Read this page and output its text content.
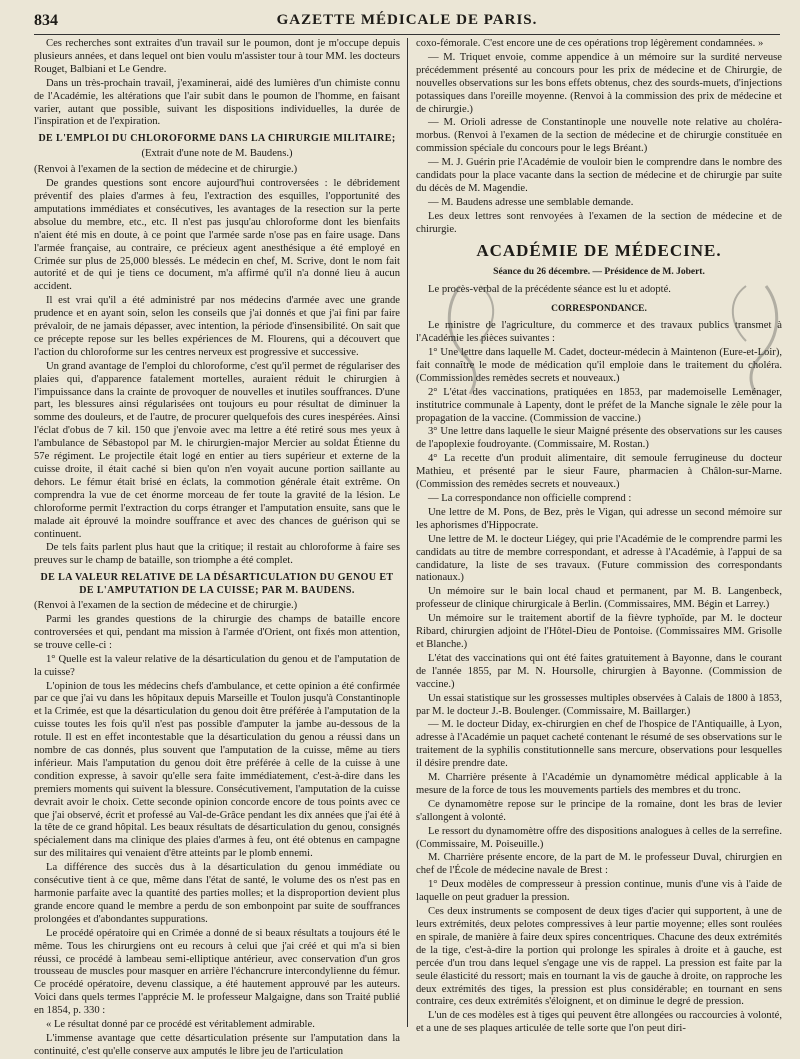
834	GAZETTE MÉDICALE DE PARIS.

Ces recherches sont extraites d'un travail sur le poumon, dont je m'occupe depuis plusieurs années, et dans lequel ont bien voulu m'assister tour à tour MM. les docteurs Rouget, Balbiani et Le Gendre.

Dans un très-prochain travail, j'examinerai, aidé des lumières d'un chimiste connu de l'Académie, les altérations que l'air subit dans le poumon de l'homme, en faisant varier, autant que possible, suivant les dispositions individuelles, la durée de l'inspiration et de l'expiration.

DE L'EMPLOI DU CHLOROFORME DANS LA CHIRURGIE MILITAIRE;
(Extrait d'une note de M. Baudens.)

(Renvoi à l'examen de la section de médecine et de chirurgie.)

De grandes questions sont encore aujourd'hui controversées : le débridement préventif des plaies d'armes à feu, l'extraction des esquilles, l'opportunité des amputations immédiates et consécutives, les avantages de la resection sur la perte absolue du membre, etc., etc. Il n'est pas jusqu'au chloroforme dont les bienfaits n'aient été mis en doute, à ce point que l'armée sarde n'ose pas en faire usage. Dans l'armée française, au contraire, ce précieux agent anesthésique a été employé en Crimée sur plus de 25,000 blessés. Le médecin en chef, M. Scrive, dont le nom fait autorité et de qui je tiens ce document, m'a affirmé qu'il n'a donné lieu à aucun accident.

Il est vrai qu'il a été administré par nos médecins d'armée avec une grande prudence et en ayant soin, selon les conseils que j'ai donnés et que j'ai fini par faire prévaloir, de ne jamais dépasser, avec intention, la période d'insensibilité. On sait que ce précepte repose sur les belles expériences de M. Flourens, qui a découvert que l'action du chloroforme sur les centres nerveux est progressive et successive.

Un grand avantage de l'emploi du chloroforme, c'est qu'il permet de régulariser des plaies qui, d'apparence fatalement mortelles, auraient réduit le chirurgien à l'impuissance dans la crainte de provoquer de nouvelles et inutiles souffrances. D'une part, les blessures ainsi régularisées ont toujours eu pour résultat de diminuer la somme des douleurs, et de l'autre, de procurer quelquefois des cures inespérées. Ainsi l'éclat d'obus de 7 kil. 150 que j'envoie avec ma lettre a été retiré sous mes yeux à l'ambulance de Sébastopol par M. le chirurgien-major Mercier au soldat Étienne du 57e régiment. Le projectile était logé en entier au tiers supérieur et externe de la cuisse droite, il était caché si bien qu'on n'en voyait aucune portion saillante au dehors. Le fémur était brisé en éclats, la commotion générale était extrême. On comprendra la vue de cet énorme morceau de fer toute la gravité de la lésion. Le chloroforme permit l'extraction du corps étranger et l'amputation ensuite, sans que le malade ait éprouvé la moindre souffrance et avec des chances de guérison qui se continuent.

De tels faits parlent plus haut que la critique; il restait au chloroforme à faire ses preuves sur le champ de bataille, son triomphe a été complet.

DE LA VALEUR RELATIVE DE LA DÉSARTICULATION DU GENOU ET DE L'AMPUTATION DE LA CUISSE; PAR M. BAUDENS.

(Renvoi à l'examen de la section de médecine et de chirurgie.)

Parmi les grandes questions de la chirurgie des champs de bataille encore controversées et qui, pendant ma mission à l'armée d'Orient, ont fixés mon attention, se trouve celle-ci :

1° Quelle est la valeur relative de la désarticulation du genou et de l'amputation de la cuisse?

L'opinion de tous les médecins chefs d'ambulance, et cette opinion a été confirmée par ce que j'ai vu dans les hôpitaux depuis Marseille et Toulon jusqu'à Constantinople et la Crimée, est que la désarticulation du genou doit être préférée à l'amputation de la cuisse toutes les fois qu'il n'est pas possible d'amputer la jambe au-dessous de la rotule. Il est en effet incontestable que la désarticulation du genou a réussi dans un nombre de cas donnés, plus souvent que l'amputation de la cuisse, même au tiers inférieur. Mais l'amputation du genou doit être préférée à celle de la cuisse à une condition expresse, à savoir qu'elle sera faite immédiatement, c'est-à-dire dans les premiers moments qui suivent la blessure. Consécutivement, l'amputation de la cuisse devrait avoir le choix. Cette seconde opinion concorde encore de tous points avec ce que j'ai observé, écrit et professé au Val-de-Grâce pendant les dix années que j'ai été à la tête de ce grand hôpital. Les beaux résultats de désarticulation du genou, consignés spécialement dans ma clinique des plaies d'armes à feu, ont été obtenus en campagne sur des militaires qui venaient d'être atteints par le plomb ennemi.

La différence des succès dus à la désarticulation du genou immédiate ou consécutive tient à ce que, même dans l'état de santé, le volume des os n'est pas en harmonie parfaite avec la quantité des parties molles; et la disproportion devient plus grande encore quand le membre a perdu de son embonpoint par suite de souffrances prolongées et d'abondantes suppurations.

Le procédé opératoire qui en Crimée a donné de si beaux résultats a toujours été le même. Tous les chirurgiens ont eu recours à celui que j'ai créé et qui m'a si bien réussi, ce procédé à lambeau semi-elliptique antérieur, avec conservation d'un gros trousseau de muscles pour masquer en arrière l'échancrure intercondylienne du fémur. Ce procédé opératoire, devenu classique, a été hautement approuvé par les auteurs. Voici dans quels termes l'apprécie M. le professeur Malgaigne, dans son Traité publié en 1854, p. 330 :

« Le résultat donné par ce procédé est véritablement admirable.

L'immense avantage que cette désarticulation présente sur l'amputation dans la continuité, c'est qu'elle conserve aux amputés le libre jeu de l'articulation

coxo-fémorale. C'est encore une de ces opérations trop légèrement condamnées. »

— M. Triquet envoie, comme appendice à un mémoire sur la surdité nerveuse précédemment présenté au concours pour les prix de médecine et de Chirurgie, de nouvelles observations sur les bons effets obtenus, chez des sourds-muets, d'injections potassiques dans l'oreille moyenne. (Renvoi à la commission des prix de médecine et de chirurgie.)

— M. Orioli adresse de Constantinople une nouvelle note relative au choléra-morbus. (Renvoi à l'examen de la section de médecine et de chirurgie constituée en commission spéciale du concours pour le legs Bréant.)

— M. J. Guérin prie l'Académie de vouloir bien le comprendre dans le nombre des candidats pour la place vacante dans la section de médecine et de chirurgie par suite du décès de M. Magendie.

— M. Baudens adresse une semblable demande.

Les deux lettres sont renvoyées à l'examen de la section de médecine et de chirurgie.

ACADÉMIE DE MÉDECINE.
Séance du 26 décembre. — Présidence de M. Jobert.

Le procès-verbal de la précédente séance est lu et adopté.

CORRESPONDANCE.

Le ministre de l'agriculture, du commerce et des travaux publics transmet à l'Académie les pièces suivantes :

1° Une lettre dans laquelle M. Cadet, docteur-médecin à Maintenon (Eure-et-Loir), fait connaître le mode de médication qu'il emploie dans le traitement du choléra. (Commission des remèdes secrets et nouveaux.)

2° L'état des vaccinations, pratiquées en 1853, par mademoiselle Leménager, institutrice communale à Lapenty, dont le préfet de la Manche signale le zèle pour la propagation de la vaccine. (Commission de vaccine.)

3° Une lettre dans laquelle le sieur Maigné présente des observations sur les causes de l'apoplexie foudroyante. (Commissaire, M. Rostan.)

4° La recette d'un produit alimentaire, dit semoule ferrugineuse du docteur Mathieu, et présenté par le sieur Faure, pharmacien à Châlon-sur-Marne. (Commission des remèdes secrets et nouveaux.)

— La correspondance non officielle comprend :

Une lettre de M. Pons, de Bez, près le Vigan, qui adresse un second mémoire sur les aphorismes d'Hippocrate.

Une lettre de M. le docteur Liégey, qui prie l'Académie de le comprendre parmi les candidats au titre de membre correspondant, et adresse à l'Académie, à l'appui de sa candidature, la liste de ses travaux. (Future commission des correspondants nationaux.)

Un mémoire sur le bain local chaud et permanent, par M. B. Langenbeck, professeur de clinique chirurgicale à Berlin. (Commissaires, MM. Bégin et Larrey.)

Un mémoire sur le traitement abortif de la fièvre typhoïde, par M. le docteur Ribard, chirurgien adjoint de l'Hôtel-Dieu de Pontoise. (Commissaires MM. Grisolle et Blanche.)

L'état des vaccinations qui ont été faites gratuitement à Bayonne, dans le courant de l'année 1855, par M. N. Hoursolle, chirurgien à Bayonne. (Commission de vaccine.)

Un essai statistique sur les grossesses multiples observées à Calais de 1800 à 1853, par M. le docteur J.-B. Boulenger. (Commissaire, M. Baillarger.)

— M. le docteur Diday, ex-chirurgien en chef de l'hospice de l'Antiquaille, à Lyon, adresse à l'Académie un paquet cacheté contenant le résumé de ses observations sur le traitement de la syphilis constitutionnelle sans mercure, observations pour lesquelles il désire prendre date.

M. Charrière présente à l'Académie un dynamomètre médical applicable à la mesure de la force de tous les mouvements partiels des membres et du tronc.

Ce dynamomètre repose sur le principe de la romaine, dont les bras de levier s'allongent à volonté.

Le ressort du dynamomètre offre des dispositions analogues à celles de la serrefine. (Commissaire, M. Poiseuille.)

M. Charrière présente encore, de la part de M. le professeur Duval, chirurgien en chef de l'École de médecine navale de Brest :

1° Deux modèles de compresseur à pression continue, munis d'une vis à l'aide de laquelle on peut graduer la pression.

Ces deux instruments se composent de deux tiges d'acier qui supportent, à une de leurs extrémités, deux pelotes compressives à leur partie moyenne; elles sont roulées en spirale, de manière à faire deux spires concentriques. Chacune des deux extrémités de la tige, c'est-à-dire la portion qui prolonge les spirales à droite et à gauche, est percée d'un trou dans lequel s'engage une vis de rappel. La pression est faite par la seule élasticité du ressort; mais en tournant la vis de gauche à droite, on rapproche les deux extrémités des tiges, la pression est plus considérable; en tournant en sens contraire, ces deux extrémités s'éloignent, et on diminue le degré de pression.

L'un de ces modèles est à tiges qui peuvent être allongées ou raccourcies à volonté, et a une de ses plaques articulée de telle sorte que l'on peut diri-
